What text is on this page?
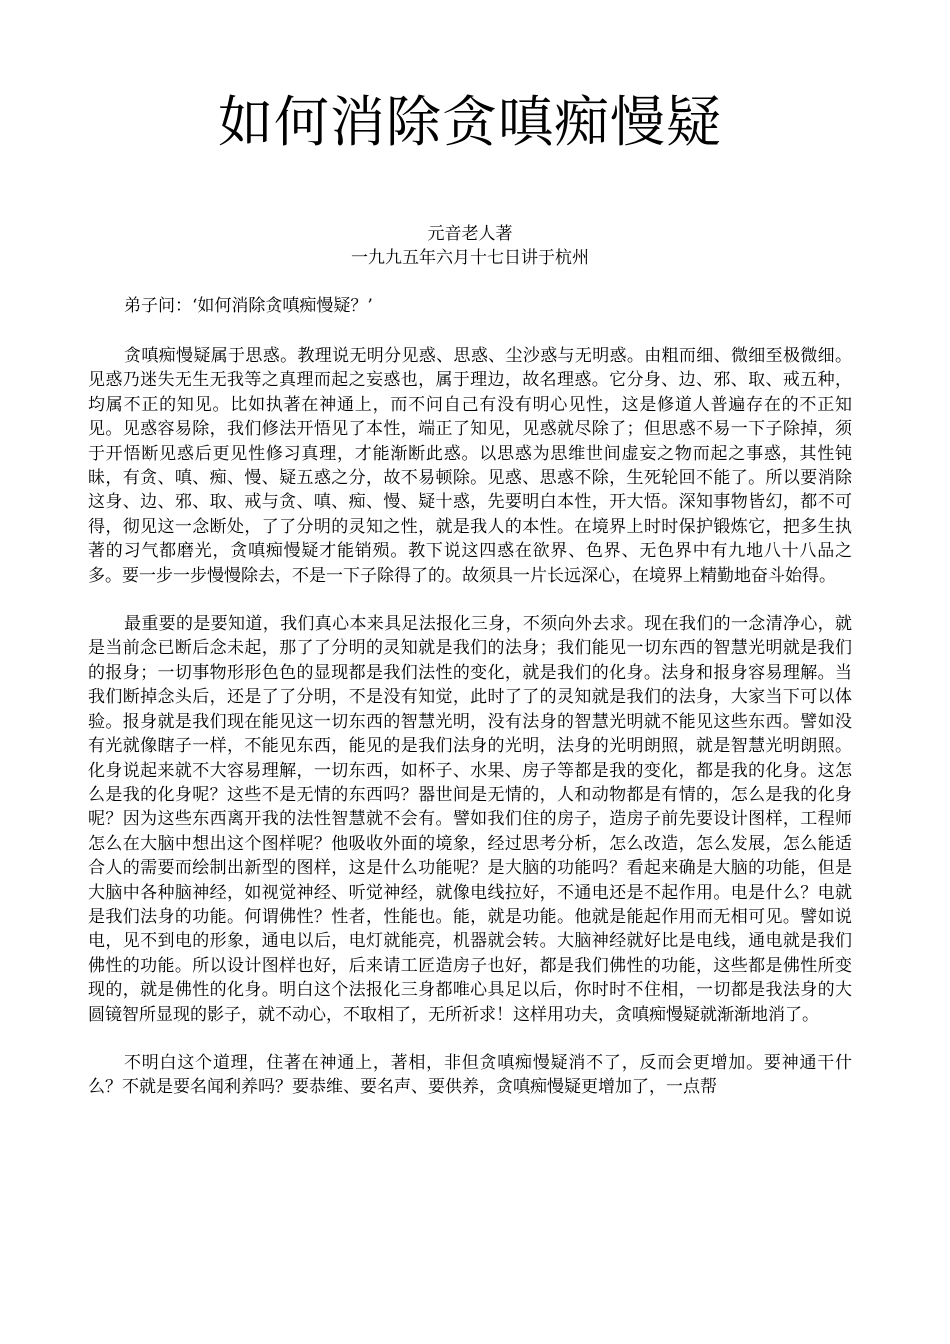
如何消除贪嗔痴慢疑
元音老人著
一九九五年六月十七日讲于杭州

弟子问：‘如何消除贪嗔痴慢疑？’

贪嗔痴慢疑属于思惑。教理说无明分见惑、思惑、尘沙惑与无明惑。由粗而细、微细至极微细。见惑乃迷失无生无我等之真理而起之妄惑也，属于理边，故名理惑。它分身、边、邪、取、戒五种，均属不正的知见。比如执著在神通上，而不问自己有没有明心见性，这是修道人普遍存在的不正知见。见惑容易除，我们修法开悟见了本性，端正了知见，见惑就尽除了；但思惑不易一下子除掉，须于开悟断见惑后更见性修习真理，才能渐断此惑。以思惑为思维世间虚妄之物而起之事惑，其性钝昧，有贪、嗔、痴、慢、疑五惑之分，故不易顿除。见惑、思惑不除，生死轮回不能了。所以要消除这身、边、邪、取、戒与贪、嗔、痴、慢、疑十惑，先要明白本性，开大悟。深知事物皆幻，都不可得，彻见这一念断处，了了分明的灵知之性，就是我人的本性。在境界上时时保护锻炼它，把多生执著的习气都磨光，贪嗔痴慢疑才能销殒。教下说这四惑在欲界、色界、无色界中有九地八十八品之多。要一步一步慢慢除去，不是一下子除得了的。故须具一片长远深心，在境界上精勤地奋斗始得。

最重要的是要知道，我们真心本来具足法报化三身，不须向外去求。现在我们的一念清净心，就是当前念已断后念未起，那了了分明的灵知就是我们的法身；我们能见一切东西的智慧光明就是我们的报身；一切事物形形色色的显现都是我们法性的变化，就是我们的化身。法身和报身容易理解。当我们断掉念头后，还是了了分明，不是没有知觉，此时了了的灵知就是我们的法身，大家当下可以体验。报身就是我们现在能见这一切东西的智慧光明，没有法身的智慧光明就不能见这些东西。譬如没有光就像瞎子一样，不能见东西，能见的是我们法身的光明，法身的光明朗照，就是智慧光明朗照。化身说起来就不大容易理解，一切东西，如杯子、水果、房子等都是我的变化，都是我的化身。这怎么是我的化身呢？这些不是无情的东西吗？器世间是无情的，人和动物都是有情的，怎么是我的化身呢？因为这些东西离开我的法性智慧就不会有。譬如我们住的房子，造房子前先要设计图样，工程师怎么在大脑中想出这个图样呢？他吸收外面的境象，经过思考分析，怎么改造，怎么发展，怎么能适合人的需要而绘制出新型的图样，这是什么功能呢？是大脑的功能吗？看起来确是大脑的功能，但是大脑中各种脑神经，如视觉神经、听觉神经，就像电线拉好，不通电还是不起作用。电是什么？电就是我们法身的功能。何谓佛性？性者，性能也。能，就是功能。他就是能起作用而无相可见。譬如说电，见不到电的形象，通电以后，电灯就能亮，机器就会转。大脑神经就好比是电线，通电就是我们佛性的功能。所以设计图样也好，后来请工匠造房子也好，都是我们佛性的功能，这些都是佛性所变现的，就是佛性的化身。明白这个法报化三身都唯心具足以后，你时时不住相，一切都是我法身的大圆镜智所显现的影子，就不动心，不取相了，无所祈求！这样用功夫，贪嗔痴慢疑就渐渐地消了。

不明白这个道理，住著在神通上，著相，非但贪嗔痴慢疑消不了，反而会更增加。要神通干什么？不就是要名闻利养吗？要恭维、要名声、要供养，贪嗔痴慢疑更增加了，一点帮
